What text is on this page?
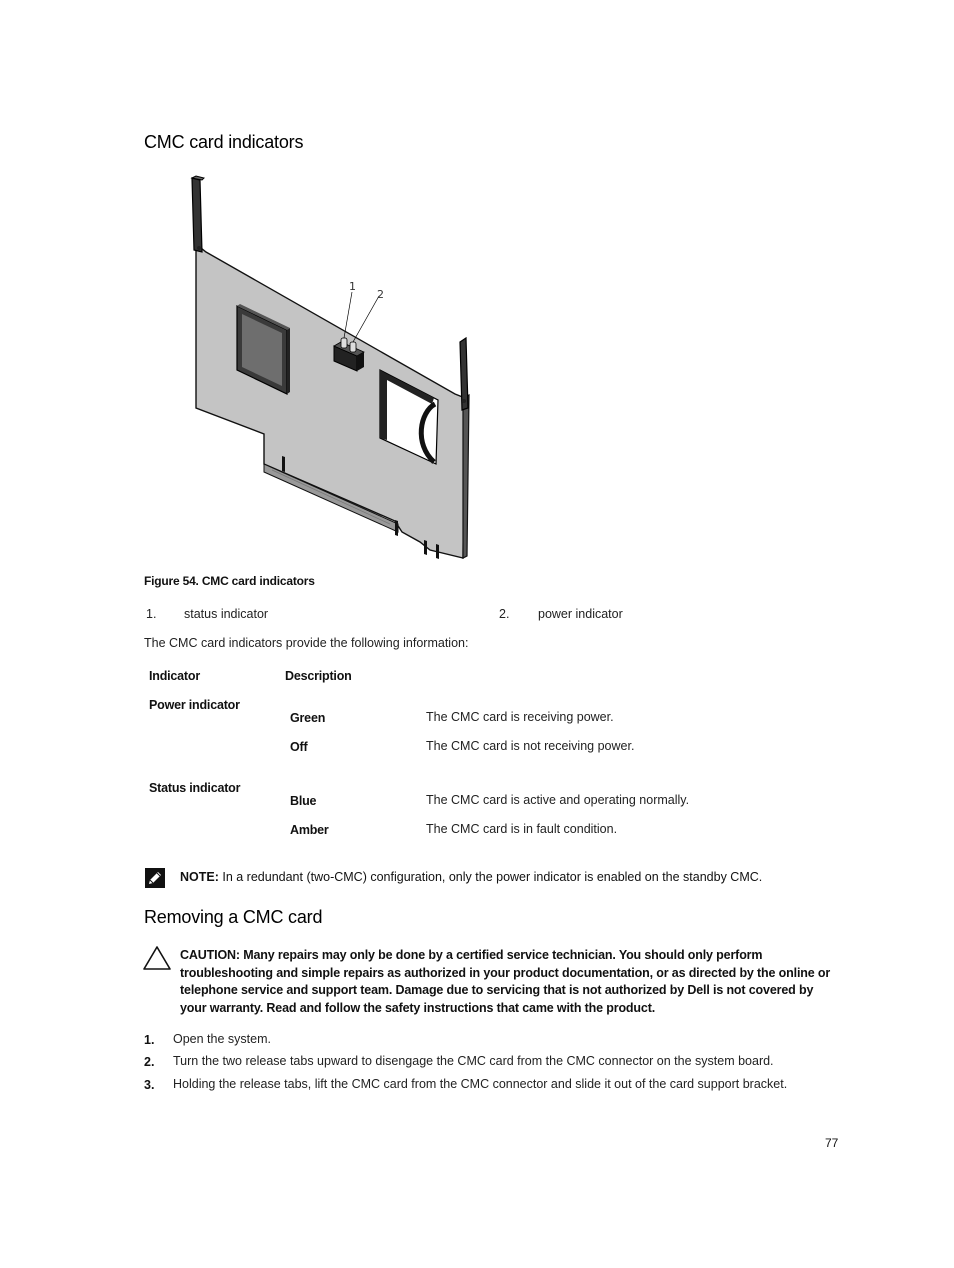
CMC card indicators
1
2
Figure 54. CMC card indicators
1. status indicator	2. power indicator
The CMC card indicators provide the following information:
Indicator	Description
Power indicator
Green	The CMC card is receiving power.
Off	The CMC card is not receiving power.
Status indicator
Blue	The CMC card is active and operating normally.
Amber	The CMC card is in fault condition.
NOTE: In a redundant (two-CMC) configuration, only the power indicator is enabled on the standby CMC.
Removing a CMC card
CAUTION: Many repairs may only be done by a certified service technician. You should only perform troubleshooting and simple repairs as authorized in your product documentation, or as directed by the online or telephone service and support team. Damage due to servicing that is not authorized by Dell is not covered by your warranty. Read and follow the safety instructions that came with the product.
1. Open the system.
2. Turn the two release tabs upward to disengage the CMC card from the CMC connector on the system board.
3. Holding the release tabs, lift the CMC card from the CMC connector and slide it out of the card support bracket.
77
